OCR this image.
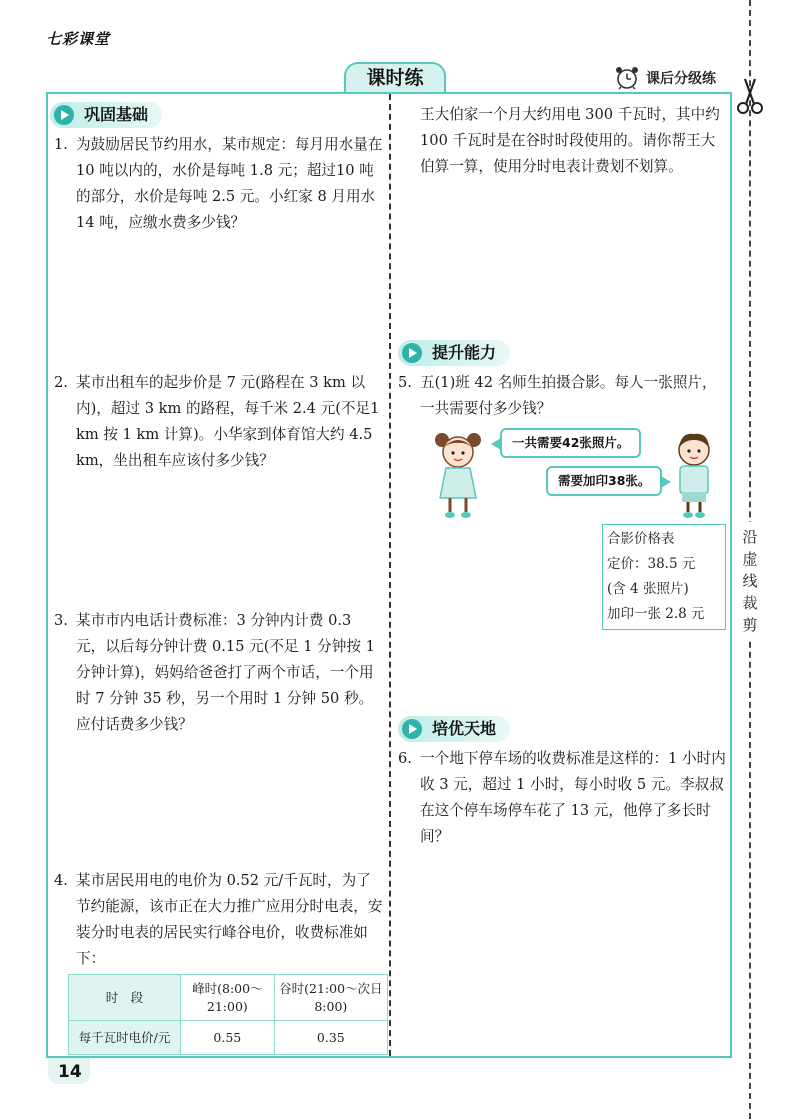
七彩课堂
课时练	课后分级练
沿虚线裁剪
巩固基础
1. 为鼓励居民节约用水，某市规定：每月用水量在 10 吨以内的，水价是每吨 1.8 元；超过10 吨的部分，水价是每吨 2.5 元。小红家 8 月用水 14 吨，应缴水费多少钱？
2. 某市出租车的起步价是 7 元(路程在 3 km 以内)，超过 3 km 的路程，每千米 2.4 元(不足1 km 按 1 km 计算)。小华家到体育馆大约 4.5 km，坐出租车应该付多少钱？
3. 某市市内电话计费标准：3 分钟内计费 0.3 元，以后每分钟计费 0.15 元(不足 1 分钟按 1 分钟计算)，妈妈给爸爸打了两个市话，一个用时 7 分钟 35 秒，另一个用时 1 分钟 50 秒。应付话费多少钱？
4. 某市居民用电的电价为 0.52 元/千瓦时，为了节约能源，该市正在大力推广应用分时电表，安装分时电表的居民实行峰谷电价，收费标准如下：
时　段	峰时(8:00～21:00)	谷时(21:00～次日 8:00)
每千瓦时电价/元	0.55	0.35
王大伯家一个月大约用电 300 千瓦时，其中约 100 千瓦时是在谷时时段使用的。请你帮王大伯算一算，使用分时电表计费划不划算。
提升能力
5. 五(1)班 42 名师生拍摄合影。每人一张照片，一共需要付多少钱？
一共需要42张照片。
需要加印38张。
合影价格表
定价：38.5 元
(含 4 张照片)
加印一张 2.8 元
培优天地
6. 一个地下停车场的收费标准是这样的：1 小时内收 3 元，超过 1 小时，每小时收 5 元。李叔叔在这个停车场停车花了 13 元，他停了多长时间？
14
